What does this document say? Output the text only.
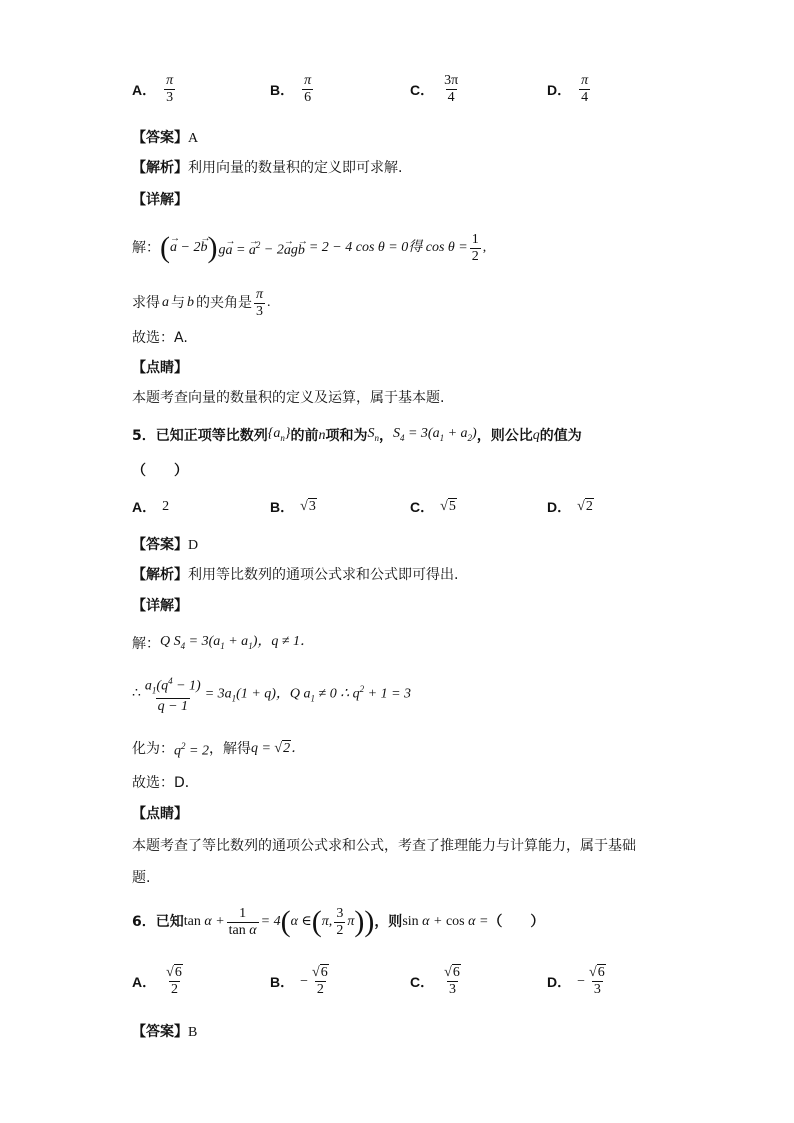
A． $\frac{\pi}{3}$	B． $\frac{\pi}{6}$	C． $\frac{3\pi}{4}$	D． $\frac{\pi}{4}$
【答案】A
【解析】利用向量的数量积的定义即可求解.
【详解】
解： (
→ a − 2→ b ) g→ a = → $a^2 - 2\to ag\to b = 2 - 4$ cos θ = 0得 $\cos \theta = \frac{1}{2}$ ,
求得 a 与 b 的夹角是 $\frac{\pi}{3}$ .
故选：A.
【点睛】
本题考查向量的数量积的定义及运算，属于基本题.
5． 已知正项等比数列 $\{a_n\}$ 的前 n 项和为 $S_n$ ， $S_4 = 3(a_1 + a_2)$ ，则公比 q 的值为
（　　）
A． 2	B． √3	C． √5	D． √2
【答案】D
【解析】利用等比数列的通项公式求和公式即可得出.
【详解】
解： Q $S_4 = 3(a_1 + a_1)$，q ≠ 1．
∴ $\frac{a_1(q^4 - 1)}{q - 1} = 3a_1(1 + q)$，Q $a_1 \ne 0$ ∴ $q^2 + 1 = 3$
化为： $q^2 = 2$ ，解得 q = √2．
故选：D．
【点睛】
本题考查了等比数列的通项公式求和公式，考查了推理能力与计算能力，属于基础
题.
6． 已知 $\tan \alpha + \frac{1}{\text{tan α}} = 4$ ( α ∈ ( π, $\frac{3}{2}$ π )) ，则 sin α + cos α = （　　）
A． $\frac{√6}{2}$	B． − $\frac{√6}{2}$	C． $\frac{√6}{3}$	D． − $\frac{√6}{3}$
【答案】B
